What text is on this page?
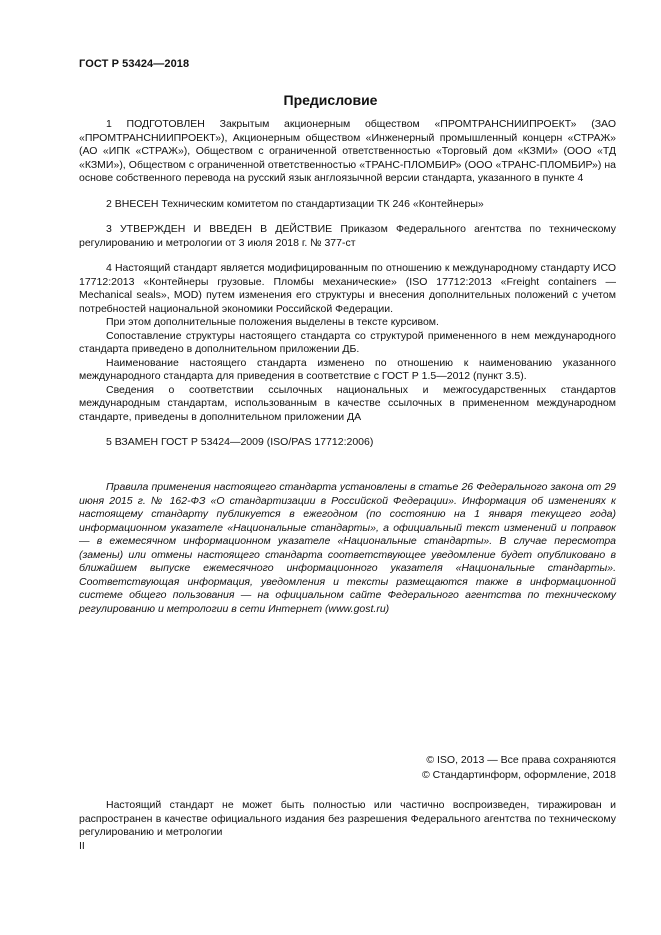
ГОСТ Р 53424—2018
Предисловие

1 ПОДГОТОВЛЕН Закрытым акционерным обществом «ПРОМТРАНСНИИПРОЕКТ» (ЗАО «ПРОМТРАНСНИИПРОЕКТ»), Акционерным обществом «Инженерный промышленный концерн «СТРАЖ» (АО «ИПК «СТРАЖ»), Обществом с ограниченной ответственностью «Торговый дом «КЗМИ» (ООО «ТД «КЗМИ»), Обществом с ограниченной ответственностью «ТРАНС-ПЛОМБИР» (ООО «ТРАНС-ПЛОМБИР») на основе собственного перевода на русский язык англоязычной версии стандарта, указанного в пункте 4

2 ВНЕСЕН Техническим комитетом по стандартизации ТК 246 «Контейнеры»

3 УТВЕРЖДЕН И ВВЕДЕН В ДЕЙСТВИЕ Приказом Федерального агентства по техническому регулированию и метрологии от 3 июля 2018 г. № 377-ст

4 Настоящий стандарт является модифицированным по отношению к международному стандарту ИСО 17712:2013 «Контейнеры грузовые. Пломбы механические» (ISO 17712:2013 «Freight containers — Mechanical seals», MOD) путем изменения его структуры и внесения дополнительных положений с учетом потребностей национальной экономики Российской Федерации.

При этом дополнительные положения выделены в тексте курсивом.

Сопоставление структуры настоящего стандарта со структурой примененного в нем международного стандарта приведено в дополнительном приложении ДБ.

Наименование настоящего стандарта изменено по отношению к наименованию указанного международного стандарта для приведения в соответствие с ГОСТ Р 1.5—2012 (пункт 3.5).

Сведения о соответствии ссылочных национальных и межгосударственных стандартов международным стандартам, использованным в качестве ссылочных в примененном международном стандарте, приведены в дополнительном приложении ДА

5 ВЗАМЕН ГОСТ Р 53424—2009 (ISO/PAS 17712:2006)

Правила применения настоящего стандарта установлены в статье 26 Федерального закона от 29 июня 2015 г. № 162-ФЗ «О стандартизации в Российской Федерации». Информация об изменениях к настоящему стандарту публикуется в ежегодном (по состоянию на 1 января текущего года) информационном указателе «Национальные стандарты», а официальный текст изменений и поправок — в ежемесячном информационном указателе «Национальные стандарты». В случае пересмотра (замены) или отмены настоящего стандарта соответствующее уведомление будет опубликовано в ближайшем выпуске ежемесячного информационного указателя «Национальные стандарты». Соответствующая информация, уведомления и тексты размещаются также в информационной системе общего пользования — на официальном сайте Федерального агентства по техническому регулированию и метрологии в сети Интернет (www.gost.ru)

© ISO, 2013 — Все права сохраняются
© Стандартинформ, оформление, 2018

Настоящий стандарт не может быть полностью или частично воспроизведен, тиражирован и распространен в качестве официального издания без разрешения Федерального агентства по техническому регулированию и метрологии

II
